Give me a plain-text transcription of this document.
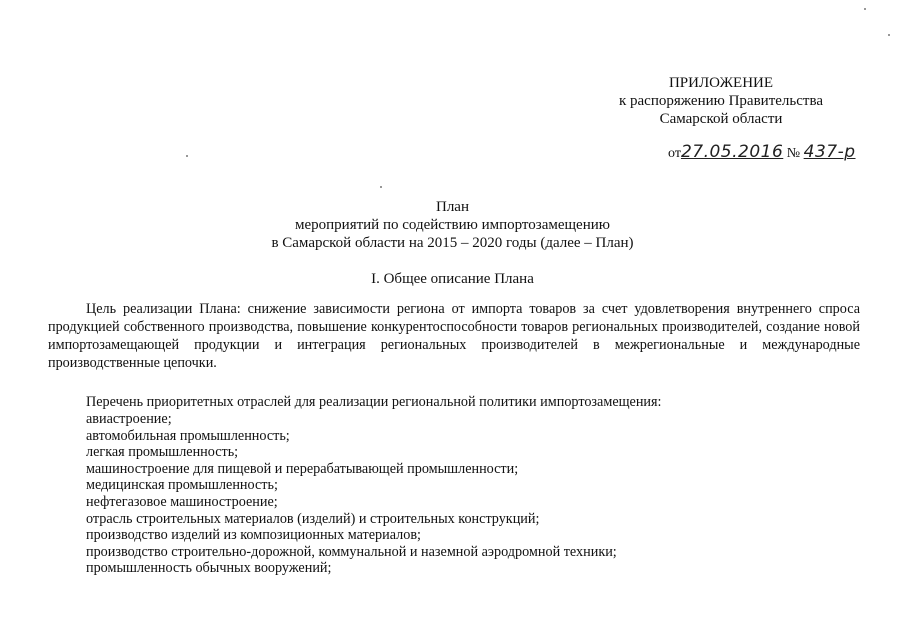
ПРИЛОЖЕНИЕ
к распоряжению Правительства
Самарской области
от27.05.2016 № 437-р
План
мероприятий по содействию импортозамещению
в Самарской области на 2015 – 2020 годы (далее – План)
I. Общее описание Плана
Цель реализации Плана: снижение зависимости региона от импорта товаров за счет удовлетворения внутреннего спроса продукцией собственного производства, повышение конкурентоспособности товаров региональных производителей, создание новой импортозамещающей продукции и интеграция региональных производителей в межрегиональные и международные производственные цепочки.
Перечень приоритетных отраслей для реализации региональной политики импортозамещения:
авиастроение;
автомобильная промышленность;
легкая промышленность;
машиностроение для пищевой и перерабатывающей промышленности;
медицинская промышленность;
нефтегазовое машиностроение;
отрасль строительных материалов (изделий) и строительных конструкций;
производство изделий из композиционных материалов;
производство строительно-дорожной, коммунальной и наземной аэродромной техники;
промышленность обычных вооружений;
